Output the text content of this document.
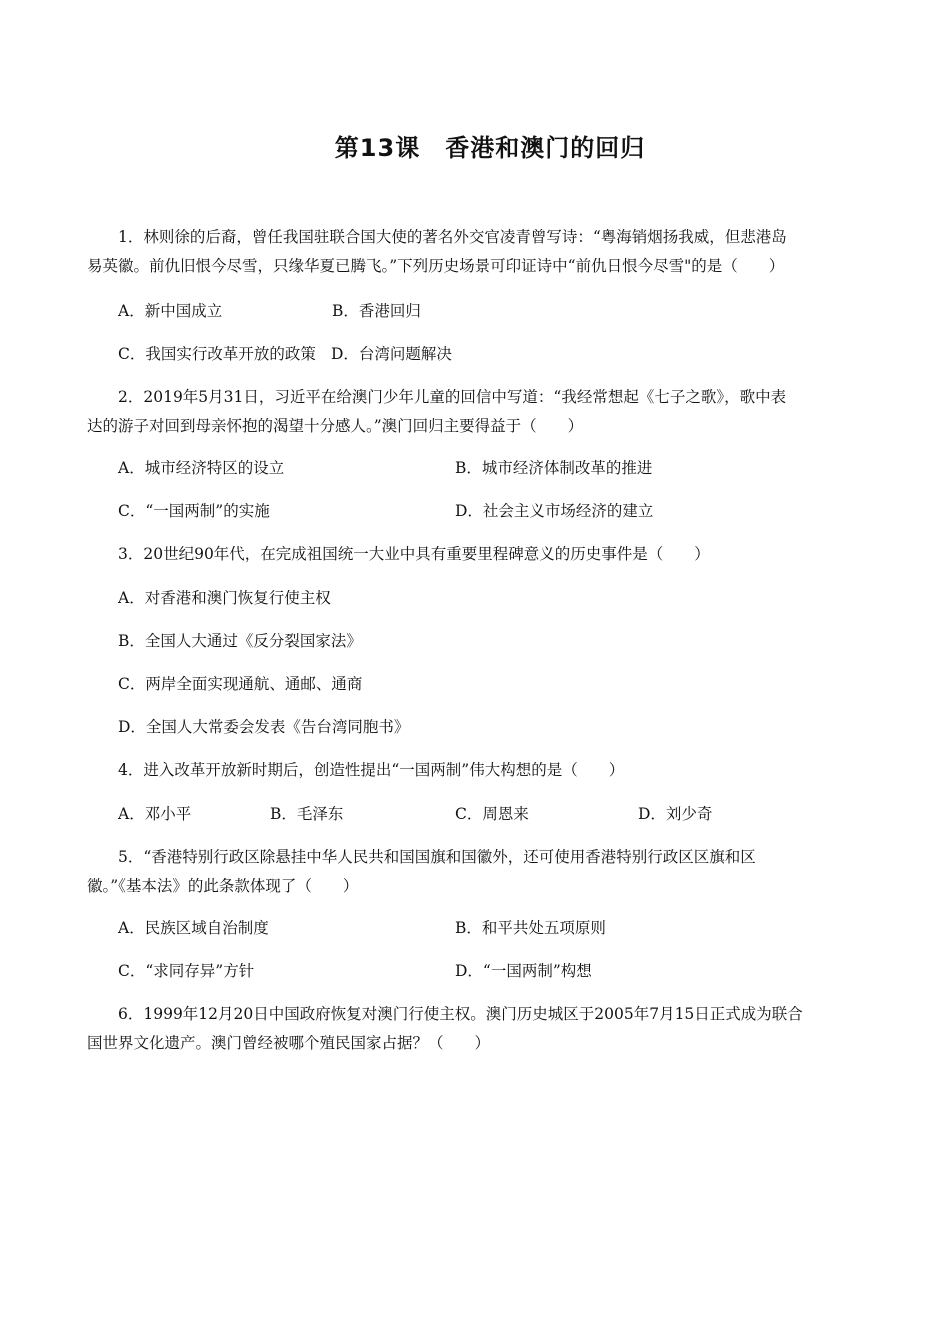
第13课　香港和澳门的回归
1．林则徐的后裔，曾任我国驻联合国大使的著名外交官凌青曾写诗：“粤海销烟扬我威，但悲港岛
易英徽。前仇旧恨今尽雪，只缘华夏已腾飞。”下列历史场景可印证诗中“前仇日恨今尽雪"的是（　　）
A．新中国成立	B．香港回归
C．我国实行改革开放的政策 D．台湾问题解决
2．2019年5月31日，习近平在给澳门少年儿童的回信中写道：“我经常想起《七子之歌》，歌中表
达的游子对回到母亲怀抱的渴望十分感人。”澳门回归主要得益于（　　）
A．城市经济特区的设立	B．城市经济体制改革的推进
C．“一国两制”的实施	D．社会主义市场经济的建立
3．20世纪90年代，在完成祖国统一大业中具有重要里程碑意义的历史事件是（　　）
A．对香港和澳门恢复行使主权
B．全国人大通过《反分裂国家法》
C．两岸全面实现通航、通邮、通商
D．全国人大常委会发表《告台湾同胞书》
4．进入改革开放新时期后，创造性提出“一国两制”伟大构想的是（　　）
A．邓小平	B．毛泽东	C．周恩来	D．刘少奇
5．“香港特别行政区除悬挂中华人民共和国国旗和国徽外，还可使用香港特别行政区区旗和区
徽。”《基本法》的此条款体现了（　　）
A．民族区域自治制度	B．和平共处五项原则
C．“求同存异”方针	D．“一国两制”构想
6．1999年12月20日中国政府恢复对澳门行使主权。澳门历史城区于2005年7月15日正式成为联合
国世界文化遗产。澳门曾经被哪个殖民国家占据？（　　）
